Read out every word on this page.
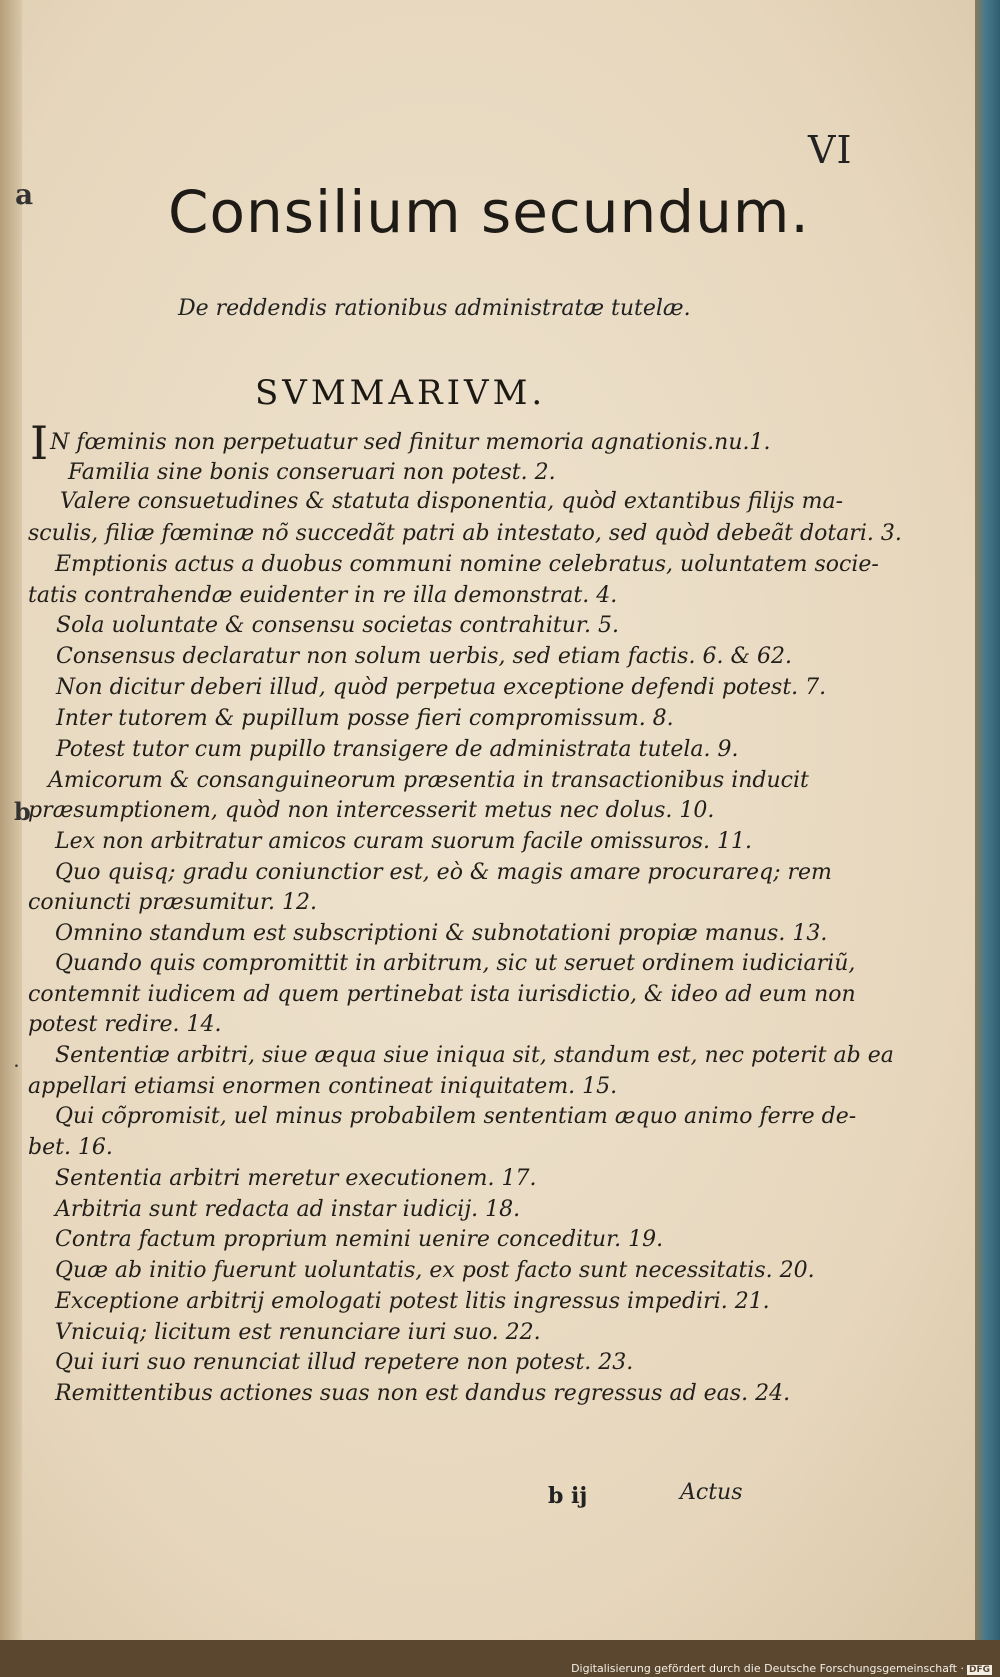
VI
a
b
.
Consilium secundum.
De reddendis rationibus administratæ tutelæ.
SVMMARIVM.
IN fœminis non perpetuatur sed finitur memoria agnationis.nu.1.
Familia sine bonis conseruari non potest. 2.
Valere consuetudines & statuta disponentia, quòd extantibus filijs ma-
sculis, filiæ fœminæ nõ succedãt patri ab intestato, sed quòd debeãt dotari. 3.
Emptionis actus a duobus communi nomine celebratus, uoluntatem socie-
tatis contrahendæ euidenter in re illa demonstrat. 4.
Sola uoluntate & consensu societas contrahitur. 5.
Consensus declaratur non solum uerbis, sed etiam factis. 6. & 62.
Non dicitur deberi illud, quòd perpetua exceptione defendi potest. 7.
Inter tutorem & pupillum posse fieri compromissum. 8.
Potest tutor cum pupillo transigere de administrata tutela. 9.
Amicorum & consanguineorum præsentia in transactionibus inducit
præsumptionem, quòd non intercesserit metus nec dolus. 10.
Lex non arbitratur amicos curam suorum facile omissuros. 11.
Quo quisq; gradu coniunctior est, eò & magis amare procurareq; rem
coniuncti præsumitur. 12.
Omnino standum est subscriptioni & subnotationi propiæ manus. 13.
Quando quis compromittit in arbitrum, sic ut seruet ordinem iudiciariũ,
contemnit iudicem ad quem pertinebat ista iurisdictio, & ideo ad eum non
potest redire. 14.
Sententiæ arbitri, siue æqua siue iniqua sit, standum est, nec poterit ab ea
appellari etiamsi enormen contineat iniquitatem. 15.
Qui cõpromisit, uel minus probabilem sententiam æquo animo ferre de-
bet. 16.
Sententia arbitri meretur executionem. 17.
Arbitria sunt redacta ad instar iudicij. 18.
Contra factum proprium nemini uenire conceditur. 19.
Quæ ab initio fuerunt uoluntatis, ex post facto sunt necessitatis. 20.
Exceptione arbitrij emologati potest litis ingressus impediri. 21.
Vnicuiq; licitum est renunciare iuri suo. 22.
Qui iuri suo renunciat illud repetere non potest. 23.
Remittentibus actiones suas non est dandus regressus ad eas. 24.
b ij	Actus
Digitalisierung gefördert durch die Deutsche Forschungsgemeinschaft · DFG
